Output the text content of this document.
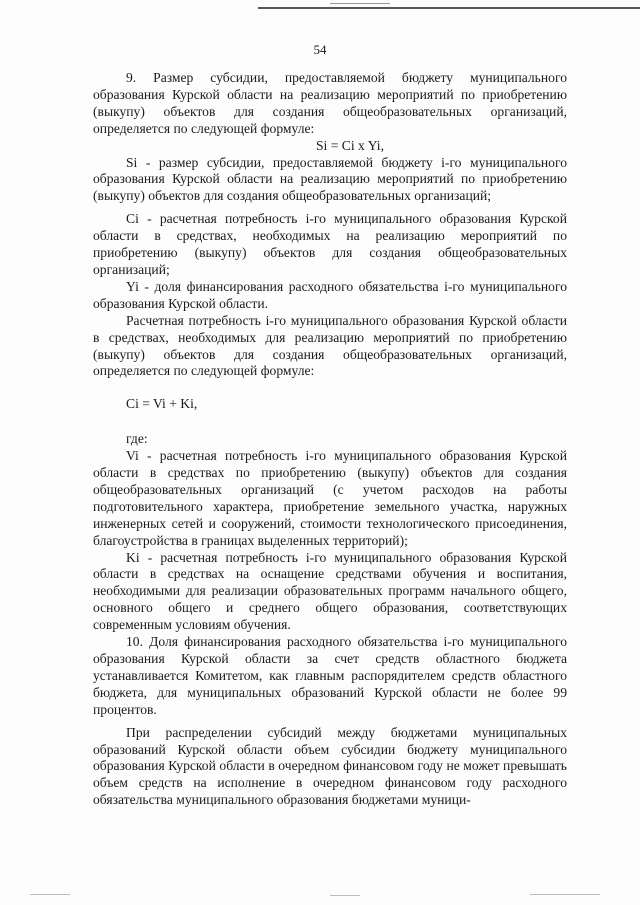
54

9. Размер субсидии, предоставляемой бюджету муниципального образования Курской области на реализацию мероприятий по приобретению (выкупу) объектов для создания общеобразовательных организаций, определяется по следующей формуле:

Si = Ci x Yi,

Si - размер субсидии, предоставляемой бюджету i-го муниципального образования Курской области на реализацию мероприятий по приобретению (выкупу) объектов для создания общеобразовательных организаций;

Ci - расчетная потребность i-го муниципального образования Курской области в средствах, необходимых на реализацию мероприятий по приобретению (выкупу) объектов для создания общеобразовательных организаций;

Yi - доля финансирования расходного обязательства i-го муниципального образования Курской области.

Расчетная потребность i-го муниципального образования Курской области в средствах, необходимых для реализацию мероприятий по приобретению (выкупу) объектов для создания общеобразовательных организаций, определяется по следующей формуле:

Ci = Vi + Ki,

где:

Vi - расчетная потребность i-го муниципального образования Курской области в средствах по приобретению (выкупу) объектов для создания общеобразовательных организаций (с учетом расходов на работы подготовительного характера, приобретение земельного участка, наружных инженерных сетей и сооружений, стоимости технологического присоединения, благоустройства в границах выделенных территорий);

Ki - расчетная потребность i-го муниципального образования Курской области в средствах на оснащение средствами обучения и воспитания, необходимыми для реализации образовательных программ начального общего, основного общего и среднего общего образования, соответствующих современным условиям обучения.

10. Доля финансирования расходного обязательства i-го муниципального образования Курской области за счет средств областного бюджета устанавливается Комитетом, как главным распорядителем средств областного бюджета, для муниципальных образований Курской области не более 99 процентов.

При распределении субсидий между бюджетами муниципальных образований Курской области объем субсидии бюджету муниципального образования Курской области в очередном финансовом году не может превышать объем средств на исполнение в очередном финансовом году расходного обязательства муниципального образования бюджетами муници-
